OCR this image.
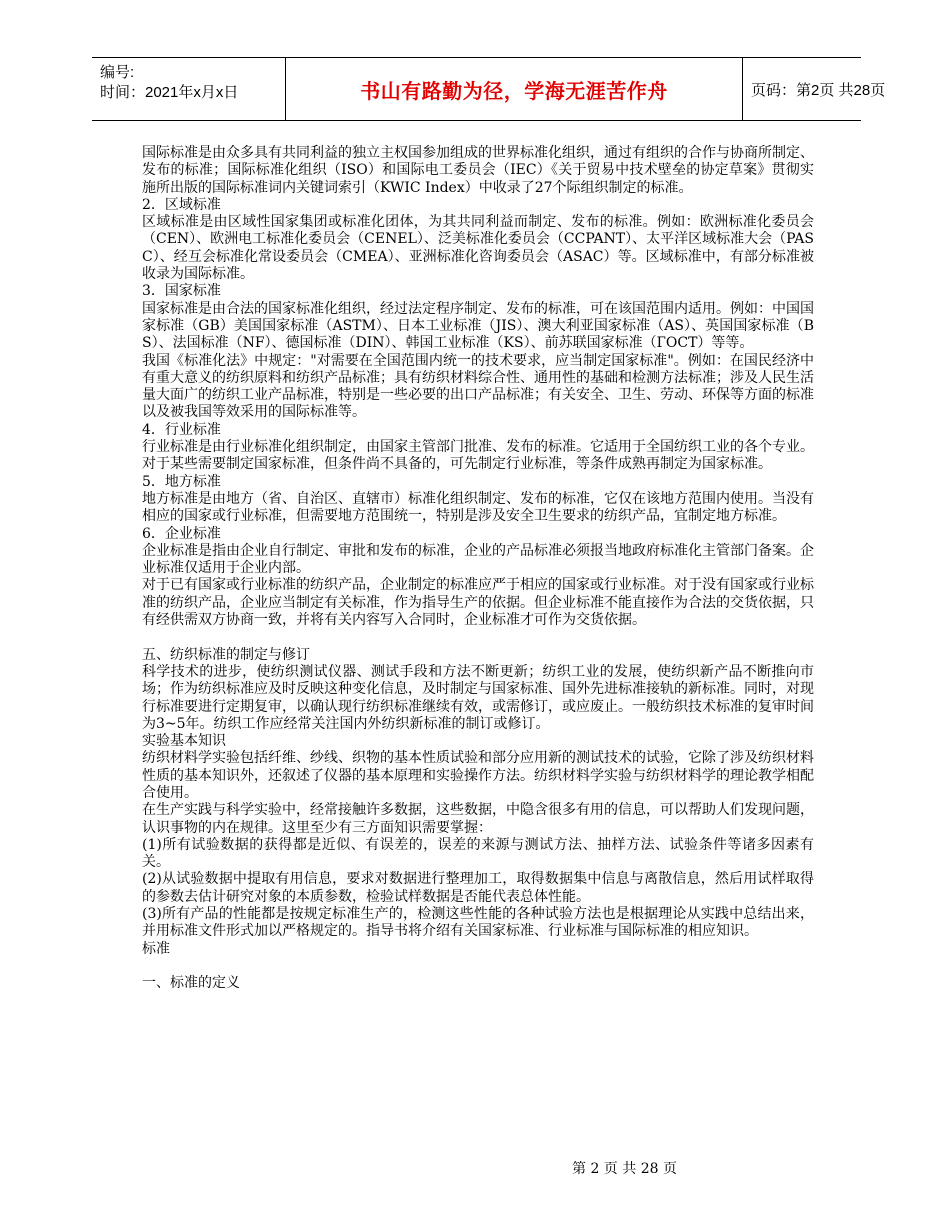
编号:
时间：2021年x月x日	书山有路勤为径，学海无涯苦作舟	页码：第2页 共28页

国际标准是由众多具有共同利益的独立主权国参加组成的世界标准化组织，通过有组织的合作与协商所制定、发布的标准；国际标准化组织（ISO）和国际电工委员会（IEC）《关于贸易中技术壁垒的协定草案》贯彻实施所出版的国际标准词内关键词索引（KWIC Index）中收录了27个际组织制定的标准。

2．区域标准

区域标准是由区域性国家集团或标准化团体，为其共同利益而制定、发布的标准。例如：欧洲标准化委员会（CEN）、欧洲电工标准化委员会（CENEL）、泛美标准化委员会（CCPANT）、太平洋区域标准大会（PASC）、经互会标准化常设委员会（CMEA）、亚洲标准化咨询委员会（ASAC）等。区域标准中，有部分标准被收录为国际标准。

3．国家标准

国家标准是由合法的国家标准化组织，经过法定程序制定、发布的标准，可在该国范围内适用。例如：中国国家标准（GB）美国国家标准（ASTM）、日本工业标准（JIS）、澳大利亚国家标准（AS）、英国国家标准（BS）、法国标准（NF）、德国标准（DIN）、韩国工业标准（KS）、前苏联国家标准（ГОСТ）等等。

我国《标准化法》中规定："对需要在全国范围内统一的技术要求，应当制定国家标准"。例如：在国民经济中有重大意义的纺织原料和纺织产品标准；具有纺织材料综合性、通用性的基础和检测方法标准；涉及人民生活量大面广的纺织工业产品标准，特别是一些必要的出口产品标准；有关安全、卫生、劳动、环保等方面的标准以及被我国等效采用的国际标准等。

4．行业标准

行业标准是由行业标准化组织制定，由国家主管部门批准、发布的标准。它适用于全国纺织工业的各个专业。对于某些需要制定国家标准，但条件尚不具备的，可先制定行业标准，等条件成熟再制定为国家标准。

5．地方标准

地方标准是由地方（省、自治区、直辖市）标准化组织制定、发布的标准，它仅在该地方范围内使用。当没有相应的国家或行业标准，但需要地方范围统一，特别是涉及安全卫生要求的纺织产品，宜制定地方标准。

6．企业标准

企业标准是指由企业自行制定、审批和发布的标准，企业的产品标准必须报当地政府标准化主管部门备案。企业标准仅适用于企业内部。

对于已有国家或行业标准的纺织产品，企业制定的标准应严于相应的国家或行业标准。对于没有国家或行业标准的纺织产品，企业应当制定有关标准，作为指导生产的依据。但企业标准不能直接作为合法的交货依据，只有经供需双方协商一致，并将有关内容写入合同时，企业标准才可作为交货依据。

五、纺织标准的制定与修订

科学技术的进步，使纺织测试仪器、测试手段和方法不断更新；纺织工业的发展，使纺织新产品不断推向市场；作为纺织标准应及时反映这种变化信息，及时制定与国家标准、国外先进标准接轨的新标准。同时，对现行标准要进行定期复审，以确认现行纺织标准继续有效，或需修订，或应废止。一般纺织技术标准的复审时间为3~5年。纺织工作应经常关注国内外纺织新标准的制订或修订。

实验基本知识

纺织材料学实验包括纤维、纱线、织物的基本性质试验和部分应用新的测试技术的试验，它除了涉及纺织材料性质的基本知识外，还叙述了仪器的基本原理和实验操作方法。纺织材料学实验与纺织材料学的理论教学相配合使用。

在生产实践与科学实验中，经常接触许多数据，这些数据，中隐含很多有用的信息，可以帮助人们发现问题，认识事物的内在规律。这里至少有三方面知识需要掌握：

(1)所有试验数据的获得都是近似、有误差的，误差的来源与测试方法、抽样方法、试验条件等诸多因素有关。

(2)从试验数据中提取有用信息，要求对数据进行整理加工，取得数据集中信息与离散信息，然后用试样取得的参数去估计研究对象的本质参数，检验试样数据是否能代表总体性能。

(3)所有产品的性能都是按规定标准生产的，检测这些性能的各种试验方法也是根据理论从实践中总结出来，并用标准文件形式加以严格规定的。指导书将介绍有关国家标准、行业标准与国际标准的相应知识。

标准

一、标准的定义

第 2 页 共 28 页
